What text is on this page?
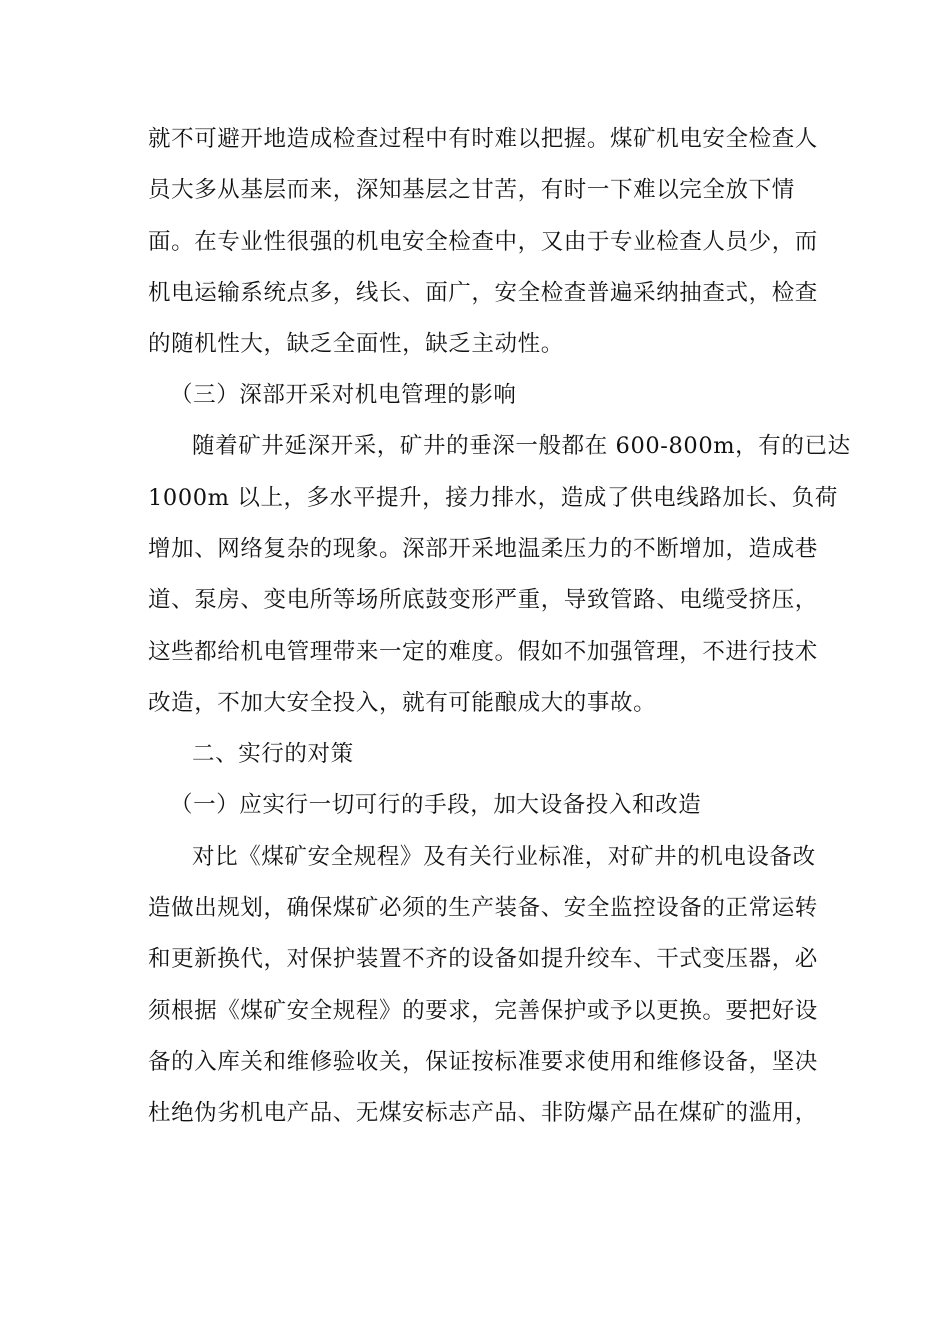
就不可避开地造成检查过程中有时难以把握。煤矿机电安全检查人
员大多从基层而来，深知基层之甘苦，有时一下难以完全放下情
面。在专业性很强的机电安全检查中，又由于专业检查人员少，而
机电运输系统点多，线长、面广，安全检查普遍采纳抽查式，检查
的随机性大，缺乏全面性，缺乏主动性。
（三）深部开采对机电管理的影响
随着矿井延深开采，矿井的垂深一般都在 600-800m，有的已达
1000m 以上，多水平提升，接力排水，造成了供电线路加长、负荷
增加、网络复杂的现象。深部开采地温柔压力的不断增加，造成巷
道、泵房、变电所等场所底鼓变形严重，导致管路、电缆受挤压，
这些都给机电管理带来一定的难度。假如不加强管理，不进行技术
改造，不加大安全投入，就有可能酿成大的事故。
二、实行的对策
（一）应实行一切可行的手段，加大设备投入和改造
对比《煤矿安全规程》及有关行业标准，对矿井的机电设备改
造做出规划，确保煤矿必须的生产装备、安全监控设备的正常运转
和更新换代，对保护装置不齐的设备如提升绞车、干式变压器，必
须根据《煤矿安全规程》的要求，完善保护或予以更换。要把好设
备的入库关和维修验收关，保证按标准要求使用和维修设备，坚决
杜绝伪劣机电产品、无煤安标志产品、非防爆产品在煤矿的滥用，
